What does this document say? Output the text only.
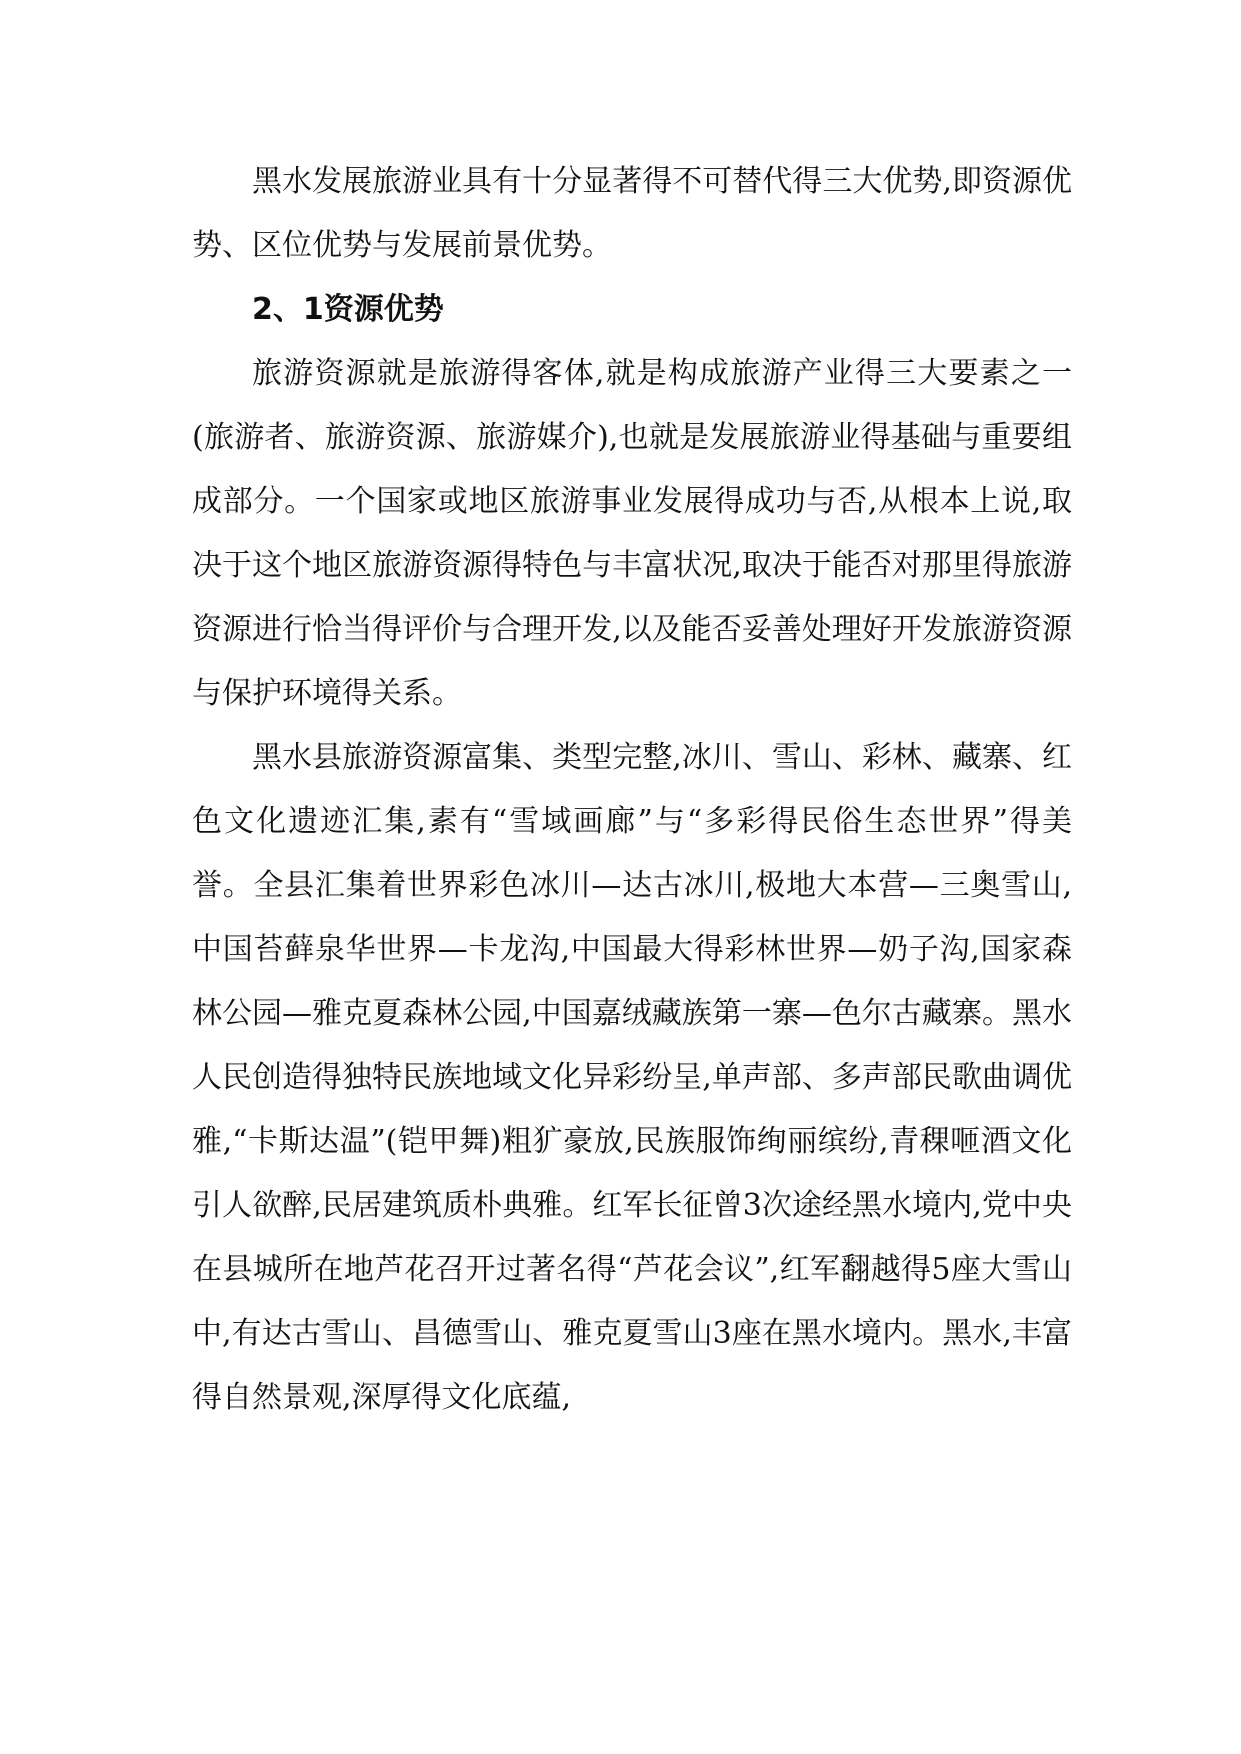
黑水发展旅游业具有十分显著得不可替代得三大优势,即资源优势、区位优势与发展前景优势。

2、1资源优势

旅游资源就是旅游得客体,就是构成旅游产业得三大要素之一(旅游者、旅游资源、旅游媒介),也就是发展旅游业得基础与重要组成部分。一个国家或地区旅游事业发展得成功与否,从根本上说,取决于这个地区旅游资源得特色与丰富状况,取决于能否对那里得旅游资源进行恰当得评价与合理开发,以及能否妥善处理好开发旅游资源与保护环境得关系。

黑水县旅游资源富集、类型完整,冰川、雪山、彩林、藏寨、红色文化遗迹汇集,素有“雪域画廊”与“多彩得民俗生态世界”得美誉。全县汇集着世界彩色冰川—达古冰川,极地大本营—三奥雪山,中国苔藓泉华世界—卡龙沟,中国最大得彩林世界—奶子沟,国家森林公园—雅克夏森林公园,中国嘉绒藏族第一寨—色尔古藏寨。黑水人民创造得独特民族地域文化异彩纷呈,单声部、多声部民歌曲调优雅,“卡斯达温”(铠甲舞)粗犷豪放,民族服饰绚丽缤纷,青稞咂酒文化引人欲醉,民居建筑质朴典雅。红军长征曾3次途经黑水境内,党中央在县城所在地芦花召开过著名得“芦花会议”,红军翻越得5座大雪山中,有达古雪山、昌德雪山、雅克夏雪山3座在黑水境内。黑水,丰富得自然景观,深厚得文化底蕴,
